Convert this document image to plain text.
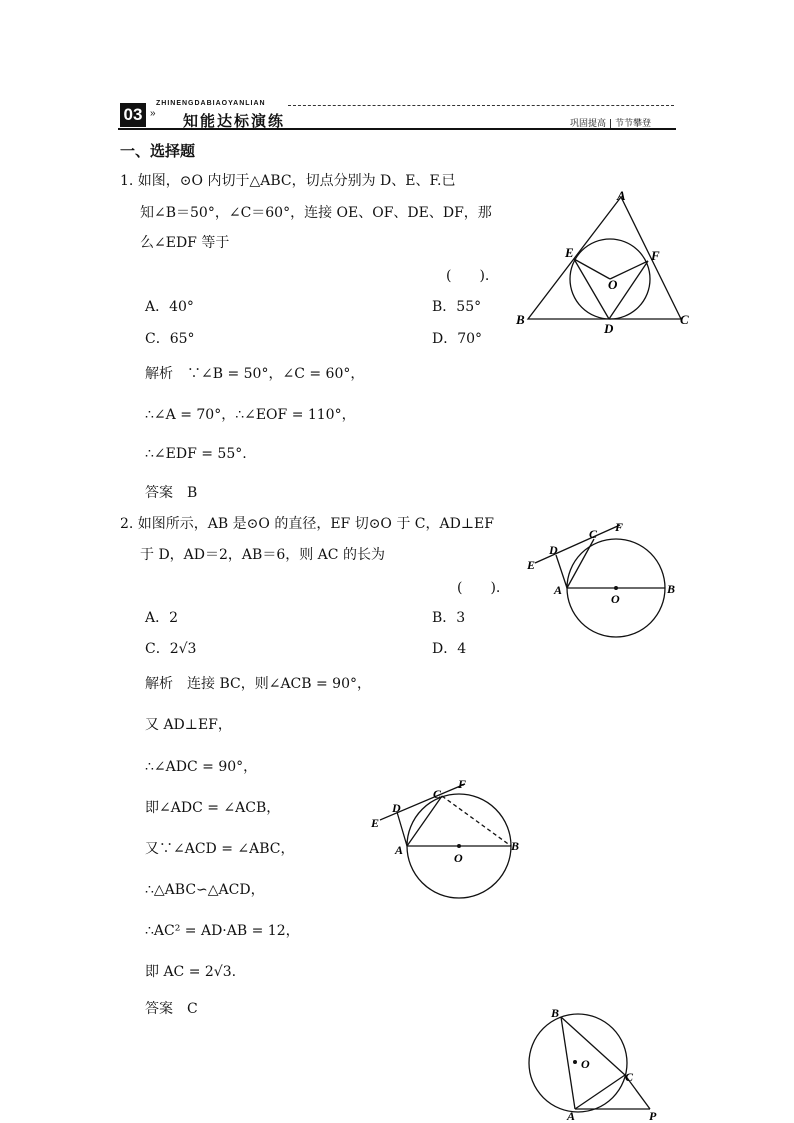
03 »
ZHINENGDABIAOYANLIAN
知能达标演练	巩固提高 节节攀登
一、选择题
1. 如图，⊙O 内切于△ABC，切点分别为 D、E、F.已
知∠B＝50°，∠C＝60°，连接 OE、OF、DE、DF，那
么∠EDF 等于
(　　).
A．40°	B．55°
C．65°	D．70°
解析　∵∠B = 50°，∠C = 60°，
∴∠A = 70°，∴∠EOF = 110°，
∴∠EDF = 55°.
答案　B
A
B	C
D
E	F
O
2. 如图所示，AB 是⊙O 的直径，EF 切⊙O 于 C，AD⊥EF
于 D，AD＝2，AB＝6，则 AC 的长为
(　　).
A．2	B．3
C．2√3	D．4
解析　连接 BC，则∠ACB = 90°，
又 AD⊥EF，
∴∠ADC = 90°，
即∠ADC = ∠ACB，
又∵∠ACD = ∠ABC，
∴△ABC∽△ACD，
∴AC² = AD·AB = 12，
即 AC = 2√3.
答案　C
A	B
C
D
E
F
O
A	B
C
D
E
F
O
B
O
C
A	P
